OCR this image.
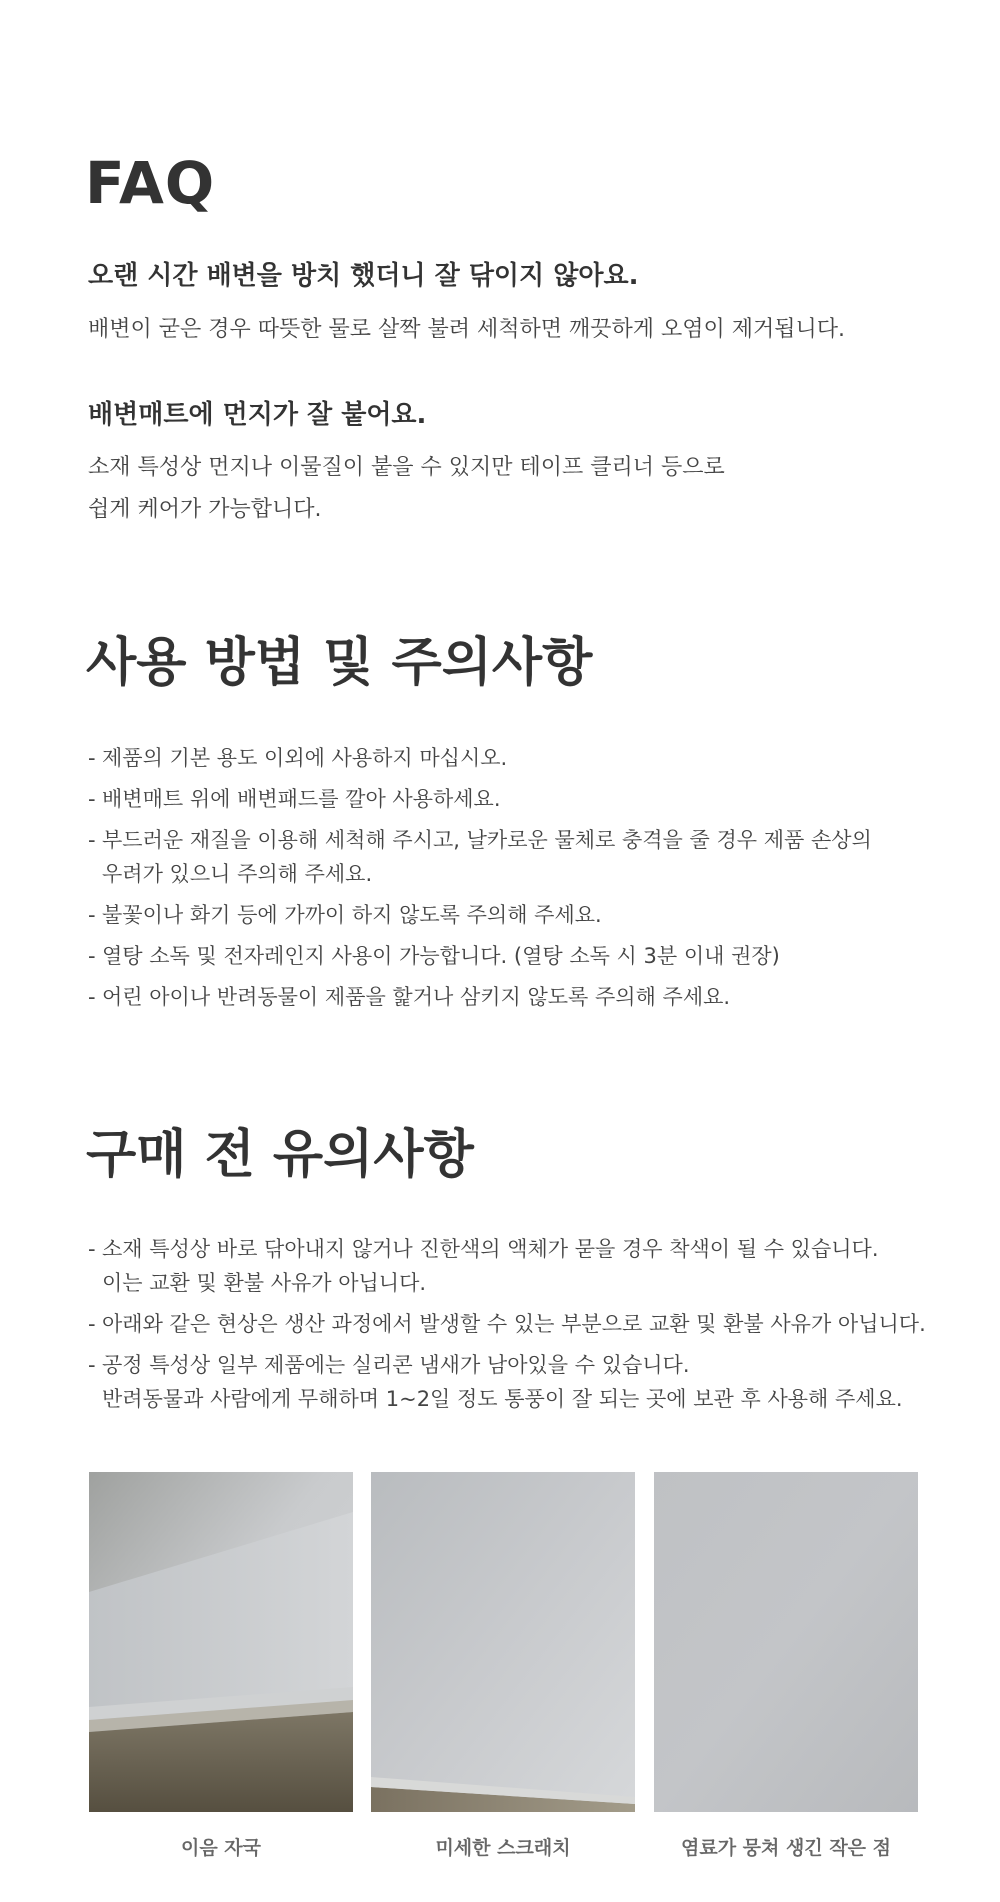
FAQ

오랜 시간 배변을 방치 했더니 잘 닦이지 않아요.

배변이 굳은 경우 따뜻한 물로 살짝 불려 세척하면 깨끗하게 오염이 제거됩니다.

배변매트에 먼지가 잘 붙어요.

소재 특성상 먼지나 이물질이 붙을 수 있지만 테이프 클리너 등으로

쉽게 케어가 가능합니다.

사용 방법 및 주의사항
- 제품의 기본 용도 이외에 사용하지 마십시오.
- 배변매트 위에 배변패드를 깔아 사용하세요.
- 부드러운 재질을 이용해 세척해 주시고, 날카로운 물체로 충격을 줄 경우 제품 손상의
우려가 있으니 주의해 주세요.
- 불꽃이나 화기 등에 가까이 하지 않도록 주의해 주세요.
- 열탕 소독 및 전자레인지 사용이 가능합니다. (열탕 소독 시 3분 이내 권장)
- 어린 아이나 반려동물이 제품을 핥거나 삼키지 않도록 주의해 주세요.
구매 전 유의사항
- 소재 특성상 바로 닦아내지 않거나 진한색의 액체가 묻을 경우 착색이 될 수 있습니다.
이는 교환 및 환불 사유가 아닙니다.
- 아래와 같은 현상은 생산 과정에서 발생할 수 있는 부분으로 교환 및 환불 사유가 아닙니다.
- 공정 특성상 일부 제품에는 실리콘 냄새가 남아있을 수 있습니다.
반려동물과 사람에게 무해하며 1~2일 정도 통풍이 잘 되는 곳에 보관 후 사용해 주세요.

이음 자국	미세한 스크래치	염료가 뭉쳐 생긴 작은 점
